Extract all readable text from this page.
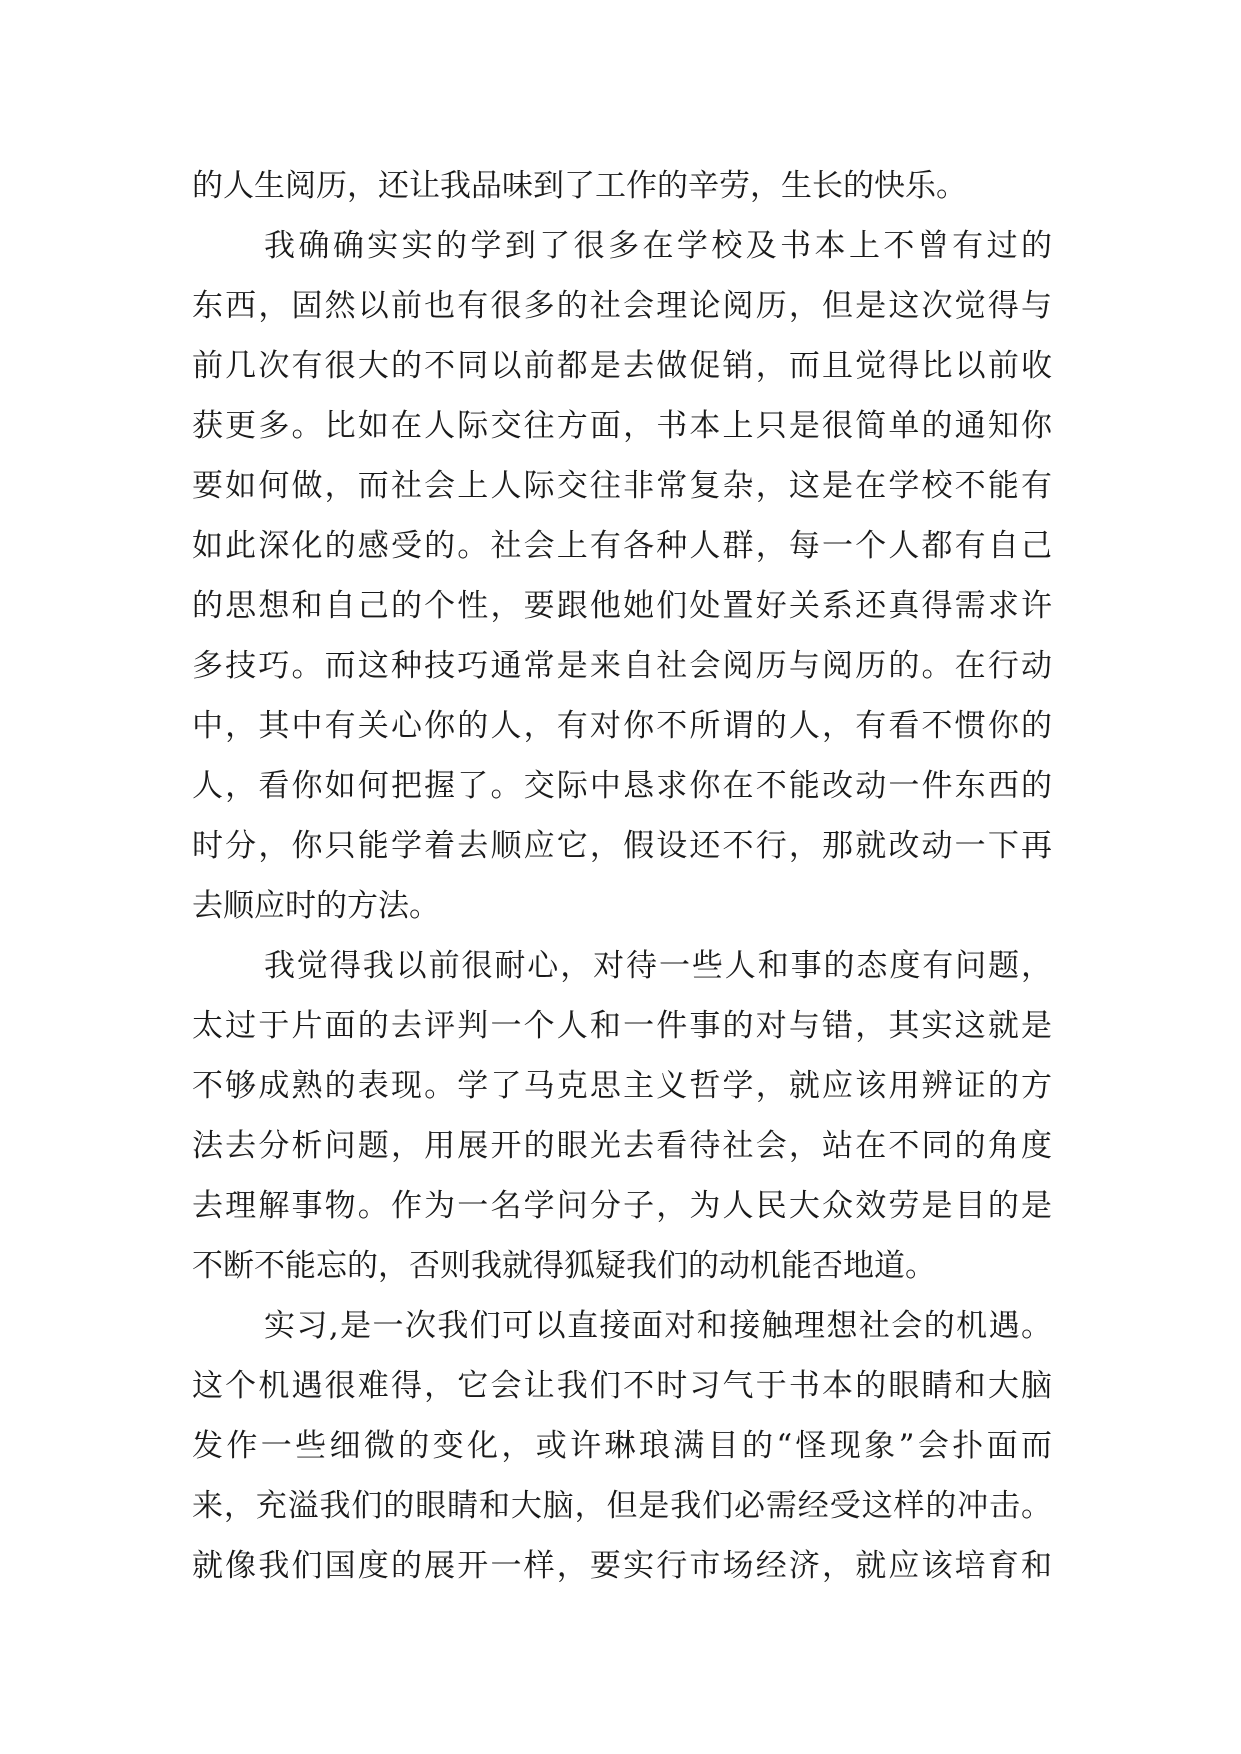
的人生阅历，还让我品味到了工作的辛劳，生长的快乐。
我确确实实的学到了很多在学校及书本上不曾有过的
东西，固然以前也有很多的社会理论阅历，但是这次觉得与
前几次有很大的不同以前都是去做促销，而且觉得比以前收
获更多。比如在人际交往方面，书本上只是很简单的通知你
要如何做，而社会上人际交往非常复杂，这是在学校不能有
如此深化的感受的。社会上有各种人群，每一个人都有自己
的思想和自己的个性，要跟他她们处置好关系还真得需求许
多技巧。而这种技巧通常是来自社会阅历与阅历的。在行动
中，其中有关心你的人，有对你不所谓的人，有看不惯你的
人，看你如何把握了。交际中恳求你在不能改动一件东西的
时分，你只能学着去顺应它，假设还不行，那就改动一下再
去顺应时的方法。
我觉得我以前很耐心，对待一些人和事的态度有问题，
太过于片面的去评判一个人和一件事的对与错，其实这就是
不够成熟的表现。学了马克思主义哲学，就应该用辨证的方
法去分析问题，用展开的眼光去看待社会，站在不同的角度
去理解事物。作为一名学问分子，为人民大众效劳是目的是
不断不能忘的，否则我就得狐疑我们的动机能否地道。
实习,是一次我们可以直接面对和接触理想社会的机遇。
这个机遇很难得，它会让我们不时习气于书本的眼睛和大脑
发作一些细微的变化，或许琳琅满目的“怪现象”会扑面而
来，充溢我们的眼睛和大脑，但是我们必需经受这样的冲击。
就像我们国度的展开一样，要实行市场经济，就应该培育和
